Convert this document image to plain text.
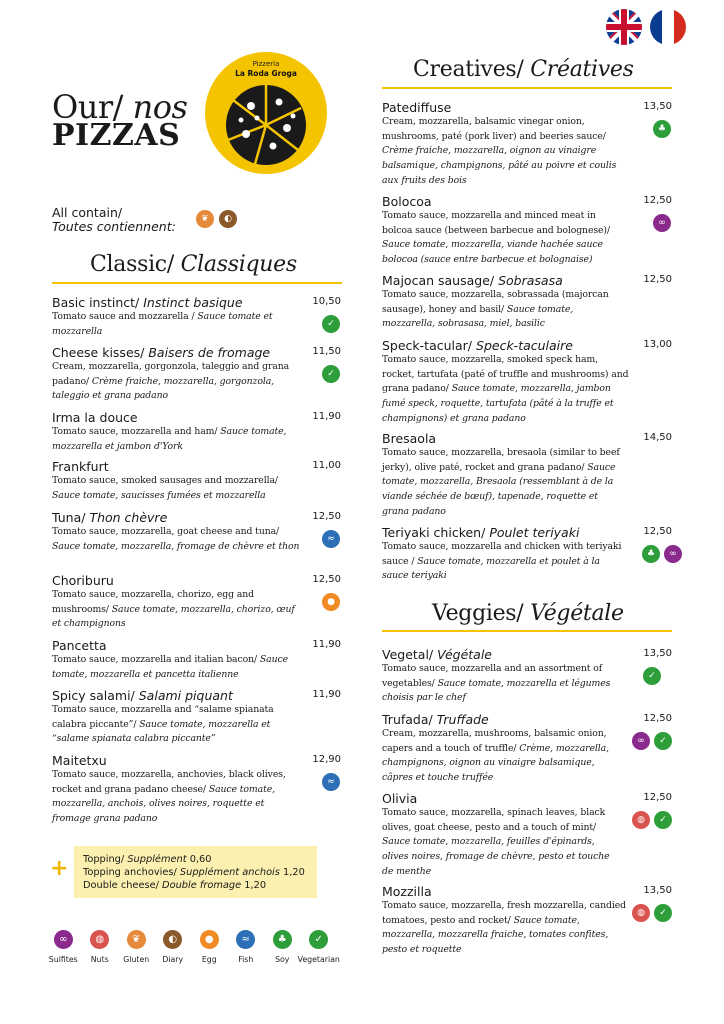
Our/ nos
PIZZAS
Pizzeria
La Roda Groga
All contain/
Toutes contiennent:	❦	◐
Classic/ Classiques
Basic instinct/ Instinct basique
Tomato sauce and mozzarella / Sauce tomate et mozzarella
10,50
✓
Cheese kisses/ Baisers de fromage
Cream, mozzarella, gorgonzola, taleggio and grana padano/ Crème fraiche, mozzarella, gorgonzola, taleggio et grana padano
11,50
✓
Irma la douce
Tomato sauce, mozzarella and ham/ Sauce tomate, mozzarella et jambon d'York
11,90
Frankfurt
Tomato sauce, smoked sausages and mozzarella/ Sauce tomate, saucisses fumées et mozzarella
11,00
Tuna/ Thon chèvre
Tomato sauce, mozzarella, goat cheese and tuna/ Sauce tomate, mozzarella, fromage de chèvre et thon
12,50
≈
Choriburu
Tomato sauce, mozzarella, chorizo, egg and mushrooms/ Sauce tomate, mozzarella, chorizo, œuf et champignons
12,50
●
Pancetta
Tomato sauce, mozzarella and italian bacon/ Sauce tomate, mozzarella et pancetta italienne
11,90
Spicy salami/ Salami piquant
Tomato sauce, mozzarella and “salame spianata calabra piccante”/ Sauce tomate, mozzarella et “salame spianata calabra piccante”
11,90
Maitetxu
Tomato sauce, mozzarella, anchovies, black olives, rocket and grana padano cheese/ Sauce tomate, mozzarella, anchois, olives noires, roquette et fromage grana padano
12,90
≈
+ Topping/ Supplément 0,60
Topping anchovies/ Supplément anchois 1,20
Double cheese/ Double fromage 1,20
∞
Sulfites
◍
Nuts
❦
Gluten
◐
Diary
●
Egg
≈
Fish
♣
Soy
✓
Vegetarian
Creatives/ Créatives
Patediffuse
Cream, mozzarella, balsamic vinegar onion, mushrooms, paté (pork liver) and beeries sauce/ Crème fraiche, mozzarella, oignon au vinaigre balsamique, champignons, pâté au poivre et coulis aux fruits des bois
13,50
♣
Bolocoa
Tomato sauce, mozzarella and minced meat in bolcoa sauce (between barbecue and bolognese)/ Sauce tomate, mozzarella, viande hachée sauce bolocoa (sauce entre barbecue et bolognaise)
12,50
∞
Majocan sausage/ Sobrasasa
Tomato sauce, mozzarella, sobrassada (majorcan sausage), honey and basil/ Sauce tomate, mozzarella, sobrasasa, miel, basilic
12,50
Speck-tacular/ Speck-taculaire
Tomato sauce, mozzarella, smoked speck ham, rocket, tartufata (paté of truffle and mushrooms) and grana padano/ Sauce tomate, mozzarella, jambon fumé speck, roquette, tartufata (pâté à la truffe et champignons) et grana padano
13,00
Bresaola
Tomato sauce, mozzarella, bresaola (similar to beef jerky), olive paté, rocket and grana padano/ Sauce tomate, mozzarella, Bresaola (ressemblant à de la viande séchée de bœuf), tapenade, roquette et grana padano
14,50
Teriyaki chicken/ Poulet teriyaki
Tomato sauce, mozzarella and chicken with teriyaki sauce / Sauce tomate, mozzarella et poulet à la sauce teriyaki
12,50
♣	∞
Veggies/ Végétale
Vegetal/ Végétale
Tomato sauce, mozzarella and an assortment of vegetables/ Sauce tomate, mozzarella et légumes choisis par le chef
13,50
✓
Trufada/ Truffade
Cream, mozzarella, mushrooms, balsamic onion, capers and a touch of truffle/ Crème, mozzarella, champignons, oignon au vinaigre balsamique, câpres et touche truffée
12,50
∞	✓
Olivia
Tomato sauce, mozzarella, spinach leaves, black olives, goat cheese, pesto and a touch of mint/ Sauce tomate, mozzarella, feuilles d'épinards, olives noires, fromage de chèvre, pesto et touche de menthe
12,50
◍	✓
Mozzilla
Tomato sauce, mozzarella, fresh mozzarella, candied tomatoes, pesto and rocket/ Sauce tomate, mozzarella, mozzarella fraiche, tomates confites, pesto et roquette
13,50
◍	✓
